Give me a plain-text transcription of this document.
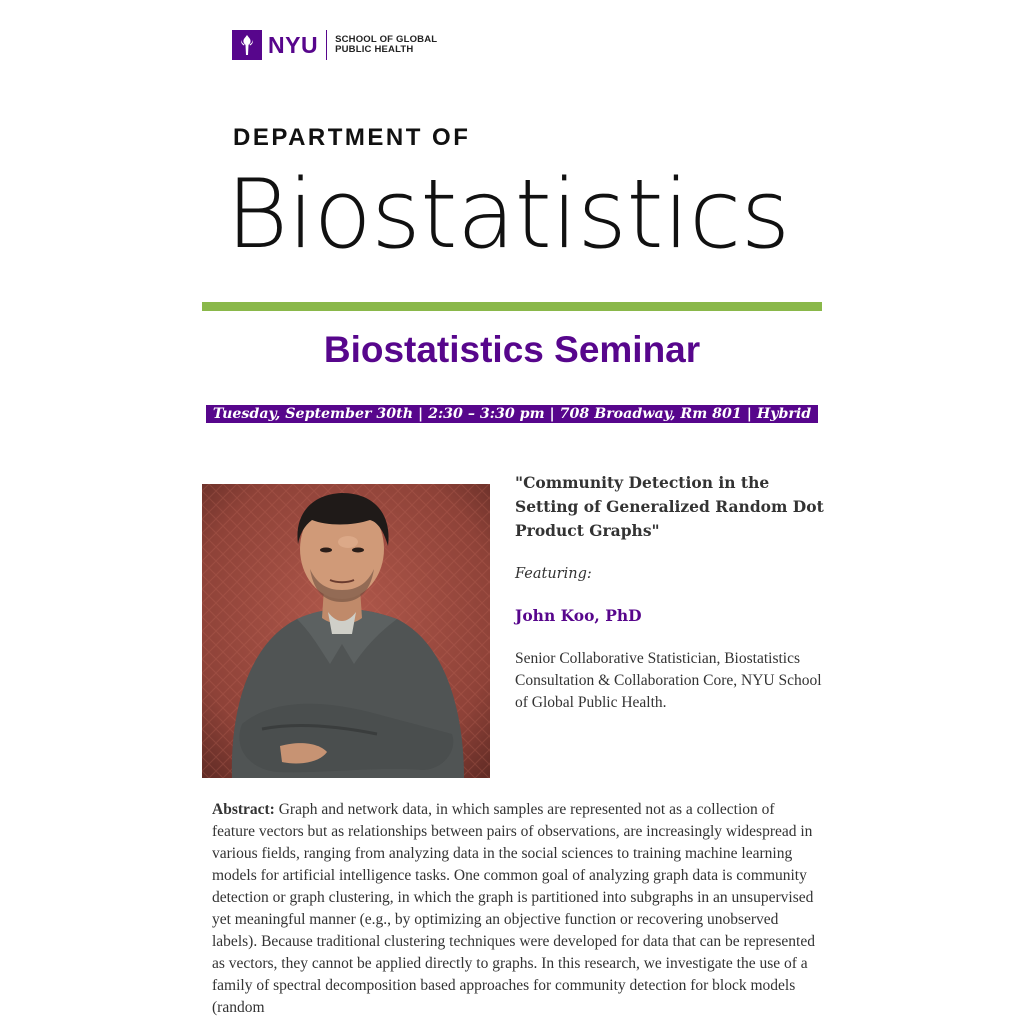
NYU SCHOOL OF GLOBAL
PUBLIC HEALTH
DEPARTMENT OF
Biostatistics
Biostatistics Seminar
Tuesday, September 30th | 2:30 – 3:30 pm | 708 Broadway, Rm 801 | Hybrid
"Community Detection in the Setting of Generalized Random Dot Product Graphs"
Featuring:
John Koo, PhD
Senior Collaborative Statistician, Biostatistics Consultation & Collaboration Core, NYU School of Global Public Health.
Abstract: Graph and network data, in which samples are represented not as a collection of feature vectors but as relationships between pairs of observations, are increasingly widespread in various fields, ranging from analyzing data in the social sciences to training machine learning models for artificial intelligence tasks. One common goal of analyzing graph data is community detection or graph clustering, in which the graph is partitioned into subgraphs in an unsupervised yet meaningful manner (e.g., by optimizing an objective function or recovering unobserved labels). Because traditional clustering techniques were developed for data that can be represented as vectors, they cannot be applied directly to graphs. In this research, we investigate the use of a family of spectral decomposition based approaches for community detection for block models (random
